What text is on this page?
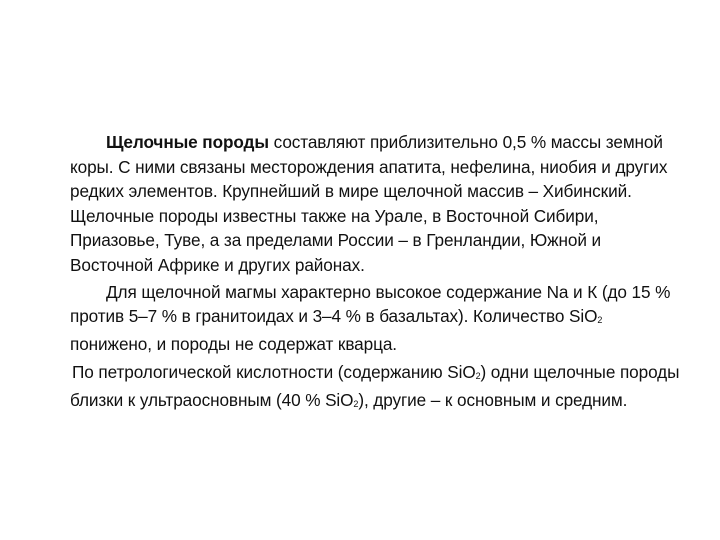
Щелочные породы составляют приблизительно 0,5 % массы земной коры. С ними связаны месторождения апатита, нефелина, ниобия и других редких элементов. Крупнейший в мире щелочной массив – Хибинский. Щелочные породы известны также на Урале, в Восточной Сибири, Приазовье, Туве, а за пределами России – в Гренландии, Южной и Восточной Африке и других районах.

Для щелочной магмы характерно высокое содержание Na и К (до 15 % против 5–7 % в гранитоидах и 3–4 % в базальтах). Количество SiO$_2$ понижено, и породы не содержат кварца.

По петрологической кислотности (содержанию SiO$_2$) одни щелочные породы близки к ультраосновным (40 % SiO$_2$), другие – к основным и средним.
